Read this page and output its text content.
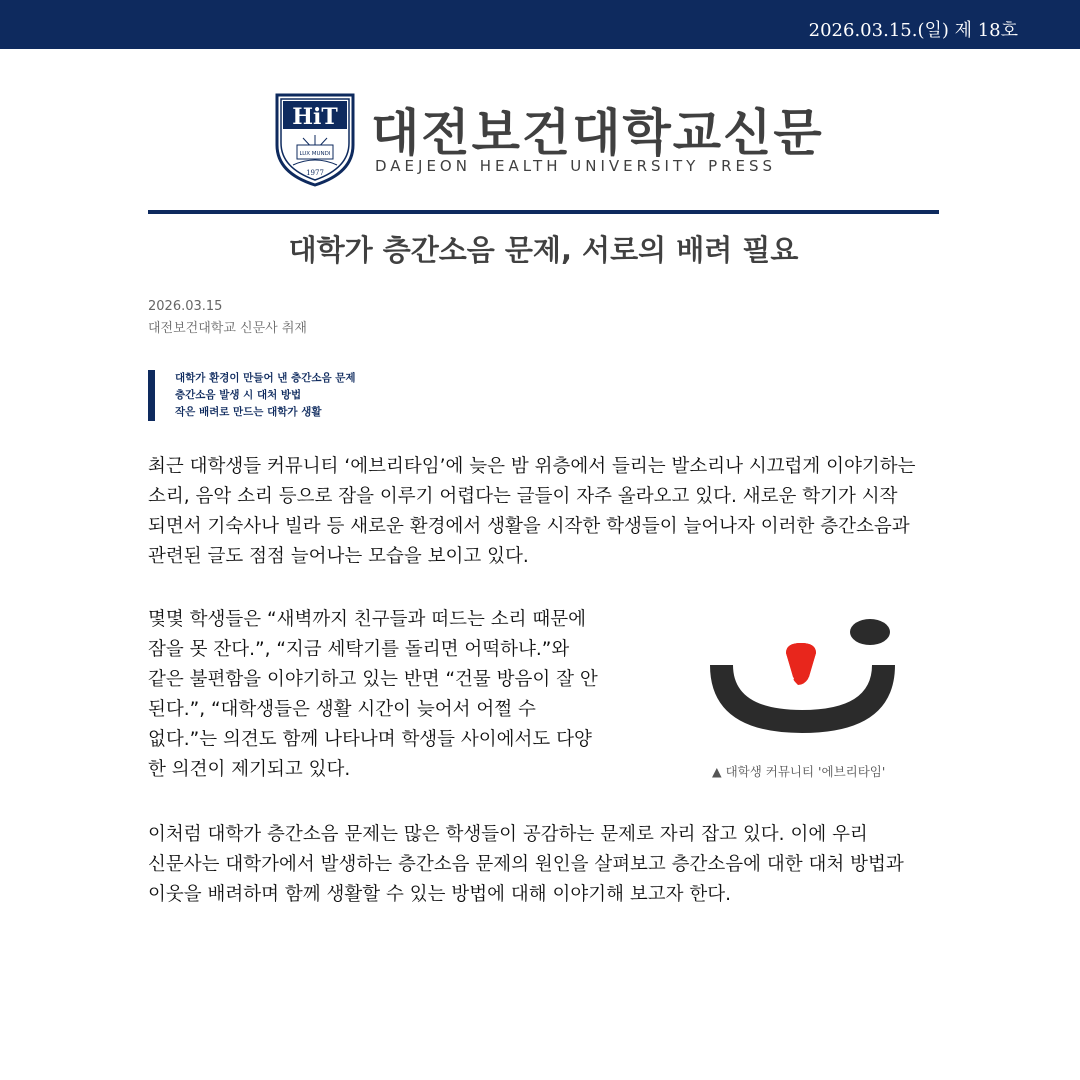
2026.03.15.(일) 제 18호
HiT
LUX MUNDI
1977
대전보건대학교신문
DAEJEON HEALTH UNIVERSITY PRESS
대학가 층간소음 문제, 서로의 배려 필요
2026.03.15
대전보건대학교 신문사 취재
대학가 환경이 만들어 낸 층간소음 문제
층간소음 발생 시 대처 방법
작은 배려로 만드는 대학가 생활
최근 대학생들 커뮤니티 ‘에브리타임’에 늦은 밤 위층에서 들리는 발소리나 시끄럽게 이야기하는
소리, 음악 소리 등으로 잠을 이루기 어렵다는 글들이 자주 올라오고 있다. 새로운 학기가 시작
되면서 기숙사나 빌라 등 새로운 환경에서 생활을 시작한 학생들이 늘어나자 이러한 층간소음과
관련된 글도 점점 늘어나는 모습을 보이고 있다.
몇몇 학생들은 “새벽까지 친구들과 떠드는 소리 때문에
잠을 못 잔다.”, “지금 세탁기를 돌리면 어떡하냐.”와
같은 불편함을 이야기하고 있는 반면 “건물 방음이 잘 안
된다.”, “대학생들은 생활 시간이 늦어서 어쩔 수
없다.”는 의견도 함께 나타나며 학생들 사이에서도 다양
한 의견이 제기되고 있다.	▲ 대학생 커뮤니티 '에브리타임'
이처럼 대학가 층간소음 문제는 많은 학생들이 공감하는 문제로 자리 잡고 있다. 이에 우리
신문사는 대학가에서 발생하는 층간소음 문제의 원인을 살펴보고 층간소음에 대한 대처 방법과
이웃을 배려하며 함께 생활할 수 있는 방법에 대해 이야기해 보고자 한다.
